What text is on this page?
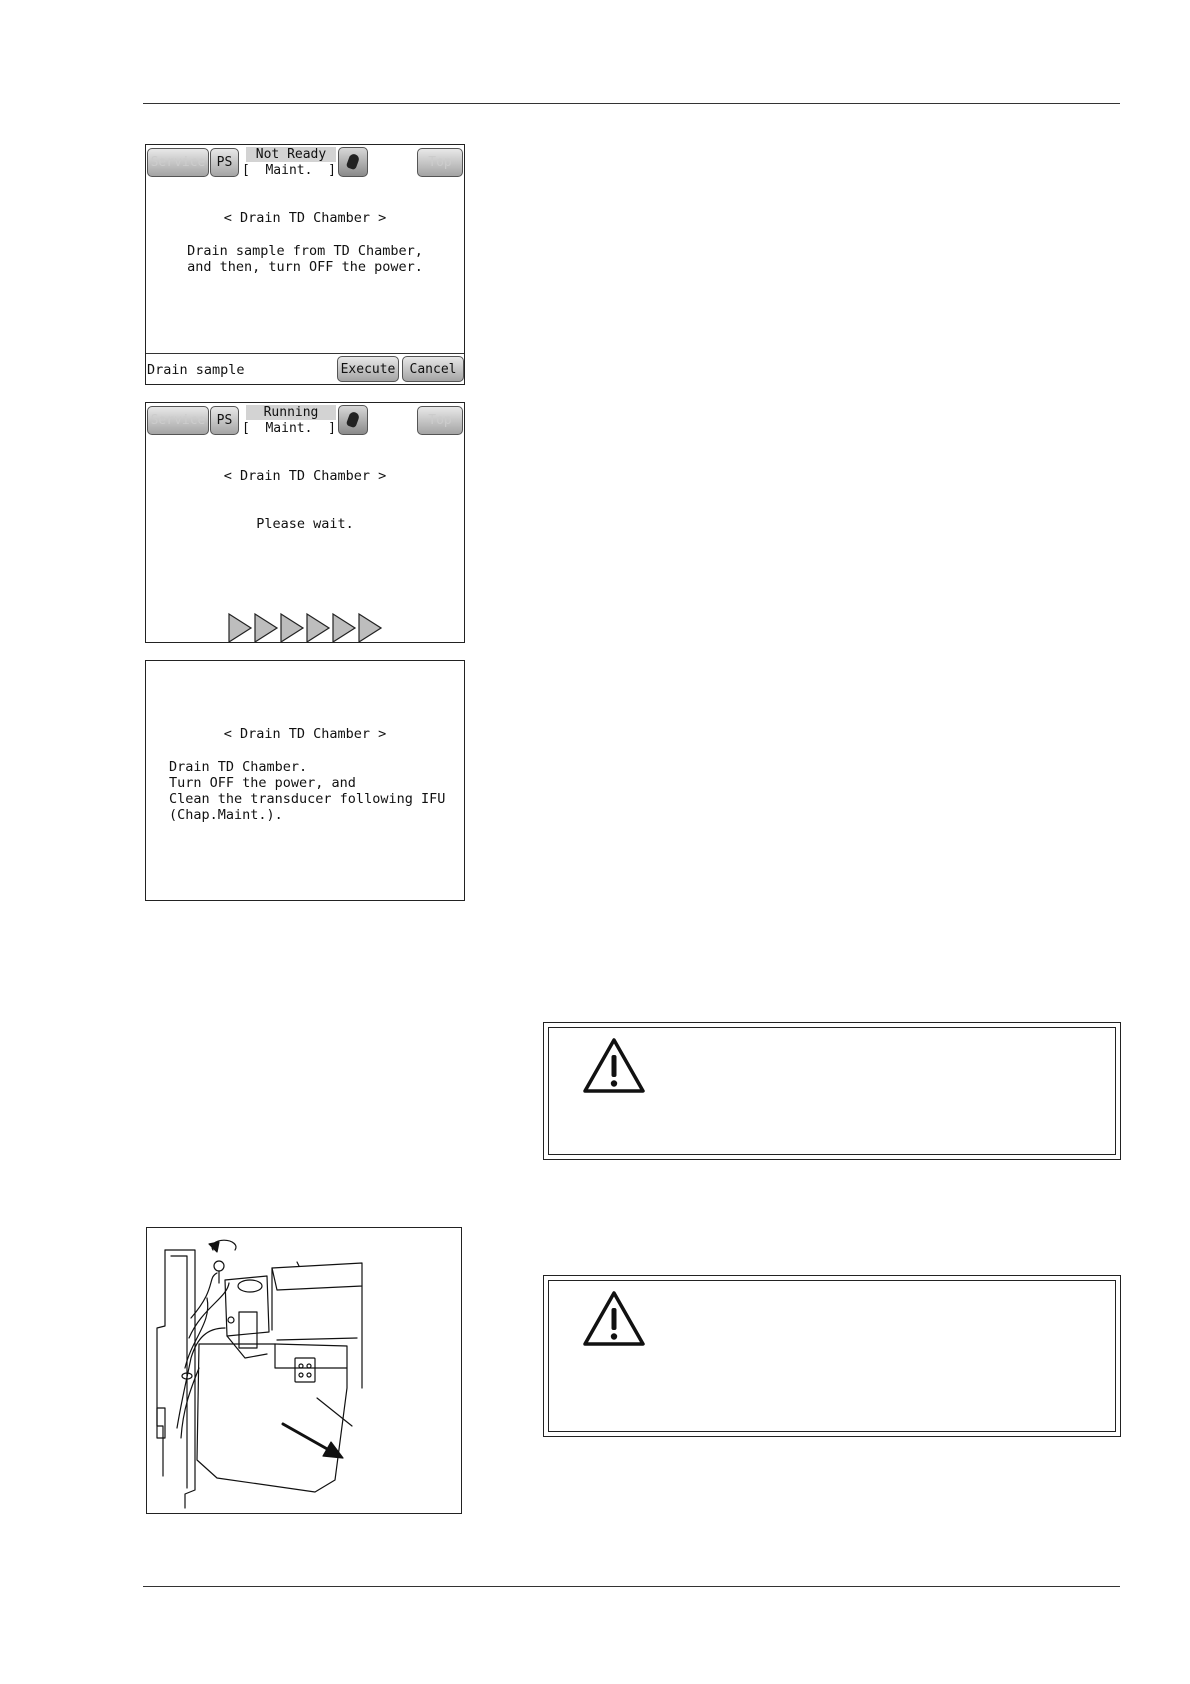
Service PS
Not Ready
[  Maint.  ]
Top
< Drain TD Chamber >
Drain sample from TD Chamber,
and then, turn OFF the power.
Drain sample	Execute	Cancel
Service PS
Running
[  Maint.  ]
Top
< Drain TD Chamber >
Please wait.
< Drain TD Chamber >
Drain TD Chamber.
Turn OFF the power, and
Clean the transducer following IFU
(Chap.Maint.).
